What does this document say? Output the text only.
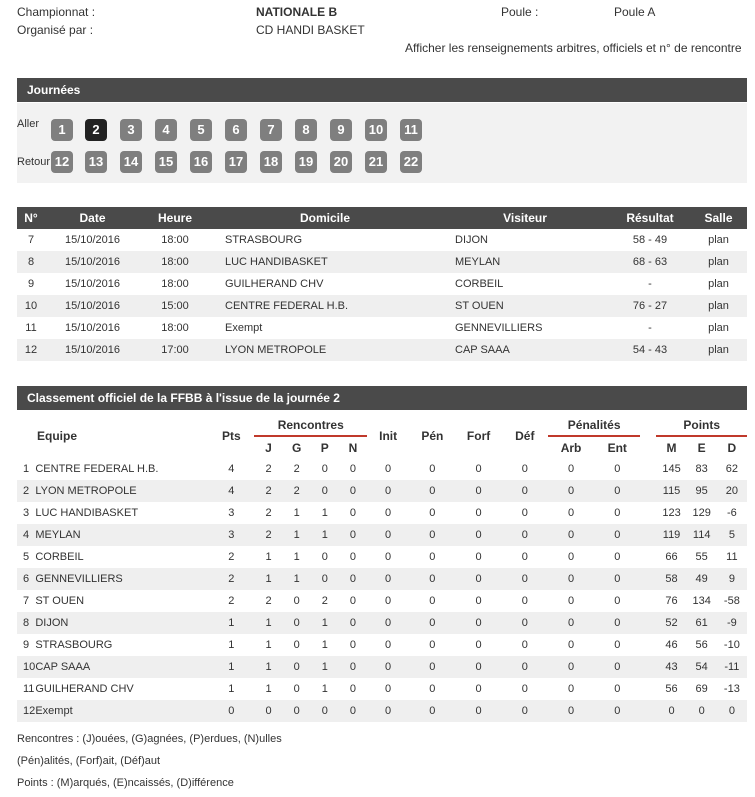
Championnat :	NATIONALE B	Poule :	Poule A
Organisé par :	CD HANDI BASKET
Afficher les renseignements arbitres, officiels et n° de rencontre
Journées
Aller
Retour
1	2	3	4	5	6	7	8	9	10	11
12 13 14 15 16 17 18 19 20 21 22
N°	Date	Heure	Domicile	Visiteur	Résultat	Salle
7	15/10/2016	18:00	STRASBOURG	DIJON	58 - 49	plan
8	15/10/2016	18:00	LUC HANDIBASKET	MEYLAN	68 - 63	plan
9	15/10/2016	18:00	GUILHERAND CHV	CORBEIL	-	plan
10	15/10/2016	15:00	CENTRE FEDERAL H.B.	ST OUEN	76 - 27	plan
11	15/10/2016	18:00	Exempt	GENNEVILLIERS	-	plan
12	15/10/2016	17:00	LYON METROPOLE	CAP SAAA	54 - 43	plan
Classement officiel de la FFBB à l'issue de la journée 2
Equipe		Pts	Rencontres				Init	Pén	Forf	Déf	Pénalités			Points		
			J	G	P	N					Arb	Ent		M	E	D
1	CENTRE FEDERAL H.B.	4	2	2	0	0	0	0	0	0	0	0		145	83	62
2	LYON METROPOLE	4	2	2	0	0	0	0	0	0	0	0		115	95	20
3	LUC HANDIBASKET	3	2	1	1	0	0	0	0	0	0	0		123	129	-6
4	MEYLAN	3	2	1	1	0	0	0	0	0	0	0		119	114	5
5	CORBEIL	2	1	1	0	0	0	0	0	0	0	0		66	55	11
6	GENNEVILLIERS	2	1	1	0	0	0	0	0	0	0	0		58	49	9
7	ST OUEN	2	2	0	2	0	0	0	0	0	0	0		76	134	-58
8	DIJON	1	1	0	1	0	0	0	0	0	0	0		52	61	-9
9	STRASBOURG	1	1	0	1	0	0	0	0	0	0	0		46	56	-10
10	CAP SAAA	1	1	0	1	0	0	0	0	0	0	0		43	54	-11
11	GUILHERAND CHV	1	1	0	1	0	0	0	0	0	0	0		56	69	-13
12	Exempt	0	0	0	0	0	0	0	0	0	0	0		0	0	0
Rencontres : (J)ouées, (G)agnées, (P)erdues, (N)ulles
(Pén)alités, (Forf)ait, (Déf)aut
Points : (M)arqués, (E)ncaissés, (D)ifférence
